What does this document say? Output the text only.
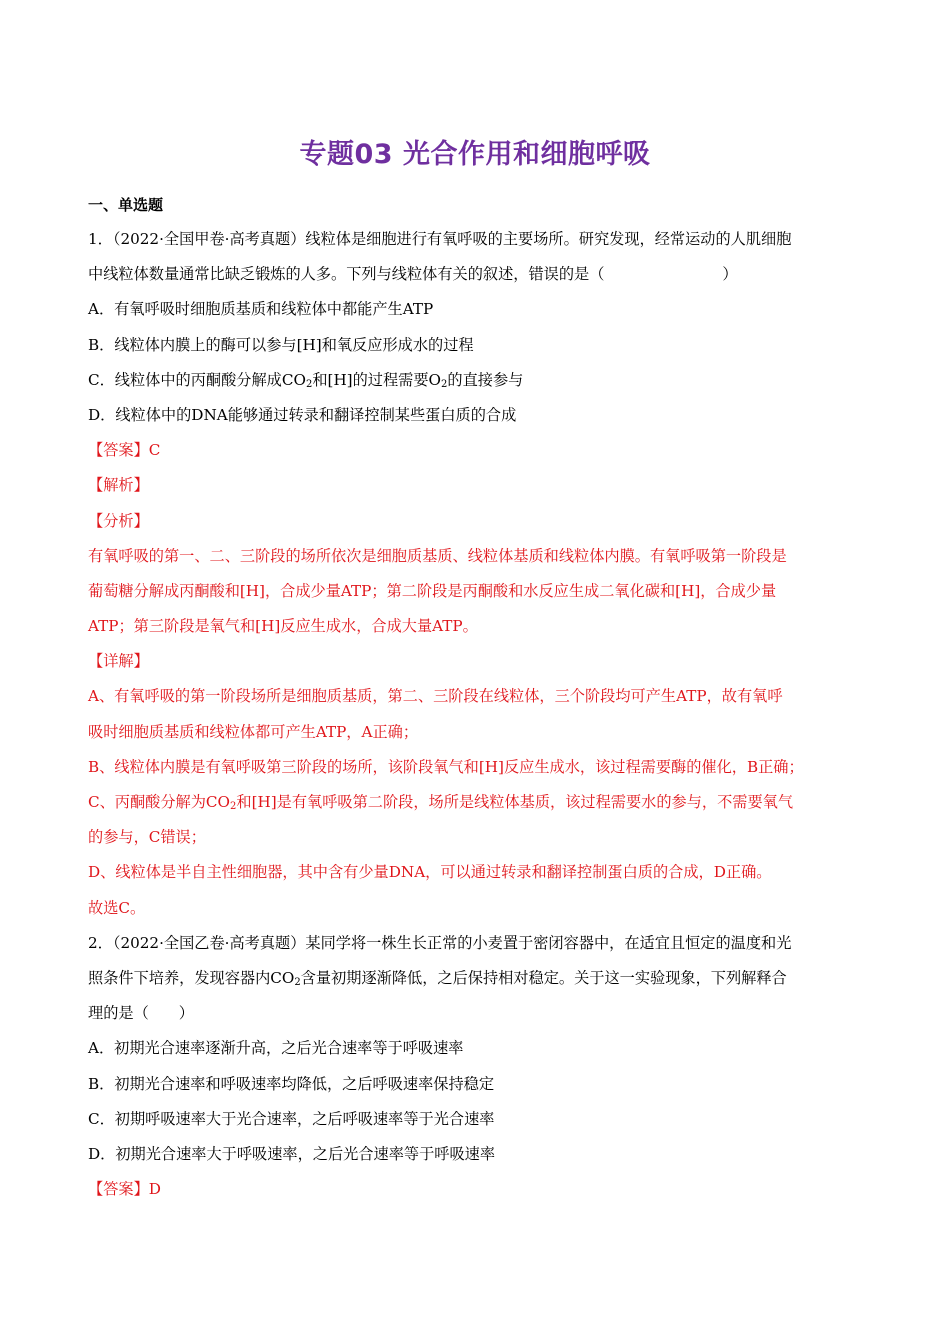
专题03 光合作用和细胞呼吸
一、单选题
1．（2022·全国甲卷·高考真题）线粒体是细胞进行有氧呼吸的主要场所。研究发现，经常运动的人肌细胞
中线粒体数量通常比缺乏锻炼的人多。下列与线粒体有关的叙述，错误的是（	）
A．有氧呼吸时细胞质基质和线粒体中都能产生ATP
B．线粒体内膜上的酶可以参与[H]和氧反应形成水的过程
C．线粒体中的丙酮酸分解成$CO_2$和[H]的过程需要$O_2$的直接参与
D．线粒体中的DNA能够通过转录和翻译控制某些蛋白质的合成
【答案】C
【解析】
【分析】
有氧呼吸的第一、二、三阶段的场所依次是细胞质基质、线粒体基质和线粒体内膜。有氧呼吸第一阶段是
葡萄糖分解成丙酮酸和[H]，合成少量ATP；第二阶段是丙酮酸和水反应生成二氧化碳和[H]，合成少量
ATP；第三阶段是氧气和[H]反应生成水，合成大量ATP。
【详解】
A、有氧呼吸的第一阶段场所是细胞质基质，第二、三阶段在线粒体，三个阶段均可产生ATP，故有氧呼
吸时细胞质基质和线粒体都可产生ATP，A正确；
B、线粒体内膜是有氧呼吸第三阶段的场所，该阶段氧气和[H]反应生成水，该过程需要酶的催化，B正确；
C、丙酮酸分解为$CO_2$和[H]是有氧呼吸第二阶段，场所是线粒体基质，该过程需要水的参与，不需要氧气
的参与，C错误；
D、线粒体是半自主性细胞器，其中含有少量DNA，可以通过转录和翻译控制蛋白质的合成，D正确。
故选C。
2．（2022·全国乙卷·高考真题）某同学将一株生长正常的小麦置于密闭容器中，在适宜且恒定的温度和光
照条件下培养，发现容器内$CO_2$含量初期逐渐降低，之后保持相对稳定。关于这一实验现象，下列解释合
理的是（ ）
A．初期光合速率逐渐升高，之后光合速率等于呼吸速率
B．初期光合速率和呼吸速率均降低，之后呼吸速率保持稳定
C．初期呼吸速率大于光合速率，之后呼吸速率等于光合速率
D．初期光合速率大于呼吸速率，之后光合速率等于呼吸速率
【答案】D
